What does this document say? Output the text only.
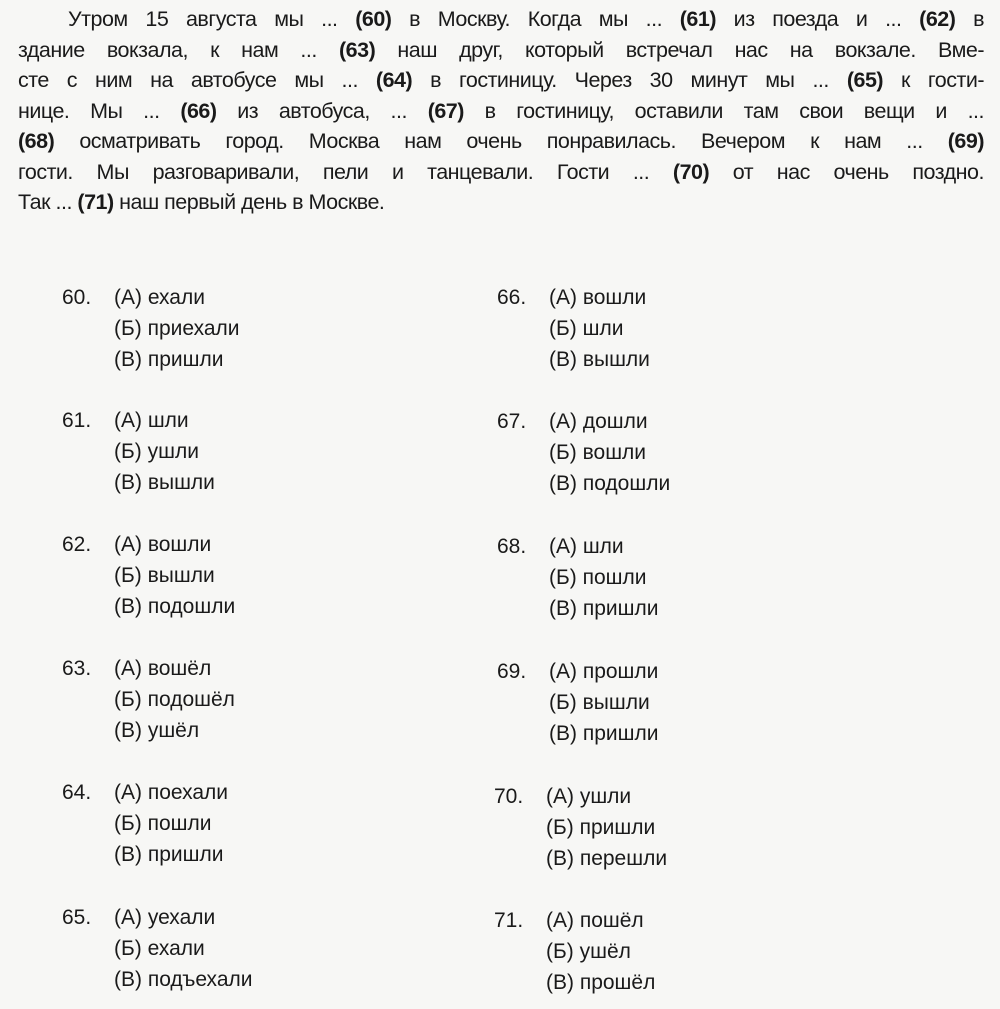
Утром 15 августа мы ... (60) в Москву. Когда мы ... (61) из поезда и ... (62) в
здание вокзала, к нам ... (63) наш друг, который встречал нас на вокзале. Вме-
сте с ним на автобусе мы ... (64) в гостиницу. Через 30 минут мы ... (65) к гости-
нице. Мы ... (66) из автобуса, ... (67) в гостиницу, оставили там свои вещи и ...
(68) осматривать город. Москва нам очень понравилась. Вечером к нам ... (69)
гости. Мы разговаривали, пели и танцевали. Гости ... (70) от нас очень поздно.
Так ... (71) наш первый день в Москве.
60.	(А) ехали
(Б) приехали
(В) пришли
61.	(А) шли
(Б) ушли
(В) вышли
62.	(А) вошли
(Б) вышли
(В) подошли
63.	(А) вошёл
(Б) подошёл
(В) ушёл
64.	(А) поехали
(Б) пошли
(В) пришли
65.	(А) уехали
(Б) ехали
(В) подъехали
66.	(А) вошли
(Б) шли
(В) вышли
67.	(А) дошли
(Б) вошли
(В) подошли
68.	(А) шли
(Б) пошли
(В) пришли
69.	(А) прошли
(Б) вышли
(В) пришли
70.	(А) ушли
(Б) пришли
(В) перешли
71.	(А) пошёл
(Б) ушёл
(В) прошёл
